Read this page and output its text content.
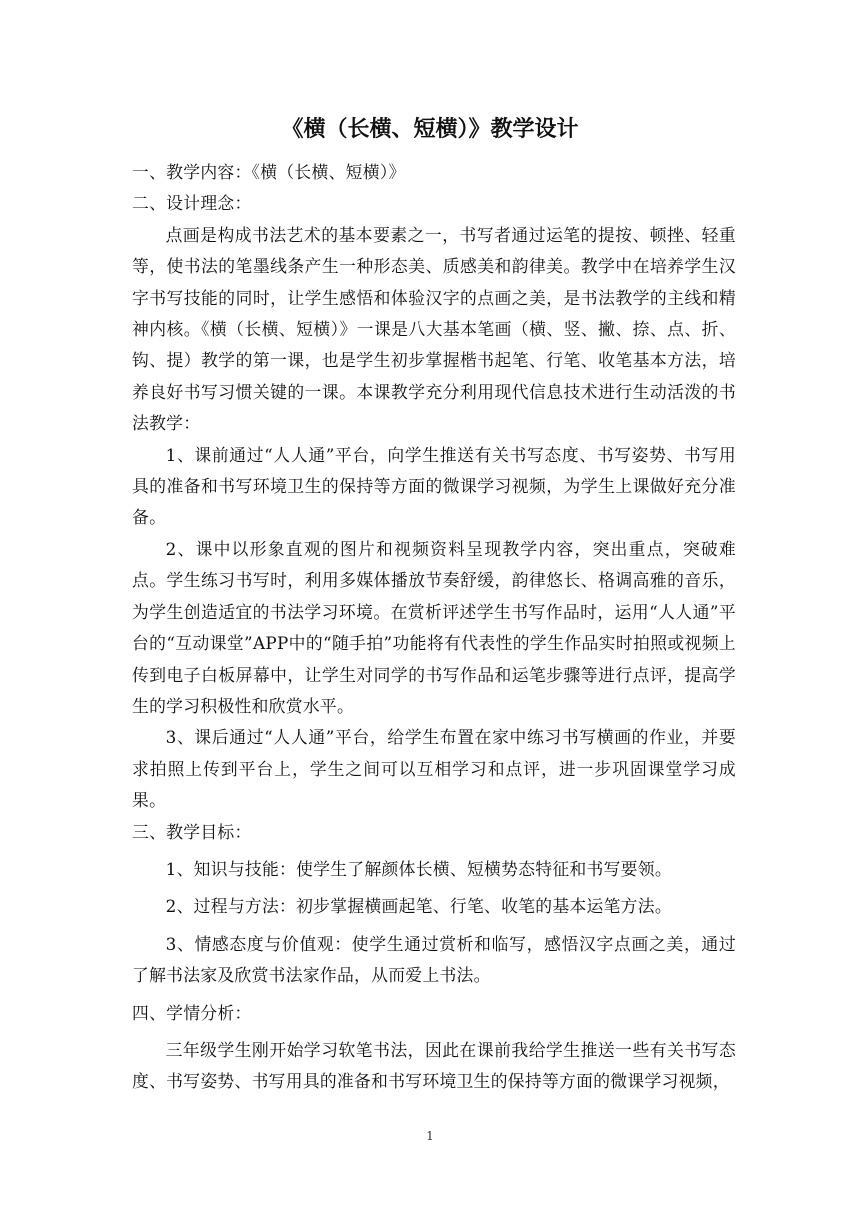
《横（长横、短横）》教学设计

一、教学内容：《横（长横、短横）》

二、设计理念：

点画是构成书法艺术的基本要素之一，书写者通过运笔的提按、顿挫、轻重等，使书法的笔墨线条产生一种形态美、质感美和韵律美。教学中在培养学生汉字书写技能的同时，让学生感悟和体验汉字的点画之美，是书法教学的主线和精神内核。《横（长横、短横）》一课是八大基本笔画（横、竖、撇、捺、点、折、钩、提）教学的第一课，也是学生初步掌握楷书起笔、行笔、收笔基本方法，培养良好书写习惯关键的一课。本课教学充分利用现代信息技术进行生动活泼的书法教学：

1、课前通过“人人通”平台，向学生推送有关书写态度、书写姿势、书写用具的准备和书写环境卫生的保持等方面的微课学习视频，为学生上课做好充分准备。

2、课中以形象直观的图片和视频资料呈现教学内容，突出重点，突破难点。学生练习书写时，利用多媒体播放节奏舒缓，韵律悠长、格调高雅的音乐，为学生创造适宜的书法学习环境。在赏析评述学生书写作品时，运用“人人通”平台的“互动课堂”APP中的“随手拍”功能将有代表性的学生作品实时拍照或视频上传到电子白板屏幕中，让学生对同学的书写作品和运笔步骤等进行点评，提高学生的学习积极性和欣赏水平。

3、课后通过“人人通”平台，给学生布置在家中练习书写横画的作业，并要求拍照上传到平台上，学生之间可以互相学习和点评，进一步巩固课堂学习成果。

三、教学目标：

1、知识与技能：使学生了解颜体长横、短横势态特征和书写要领。

2、过程与方法：初步掌握横画起笔、行笔、收笔的基本运笔方法。

3、情感态度与价值观：使学生通过赏析和临写，感悟汉字点画之美，通过了解书法家及欣赏书法家作品，从而爱上书法。

四、学情分析：

三年级学生刚开始学习软笔书法，因此在课前我给学生推送一些有关书写态度、书写姿势、书写用具的准备和书写环境卫生的保持等方面的微课学习视频，

1
